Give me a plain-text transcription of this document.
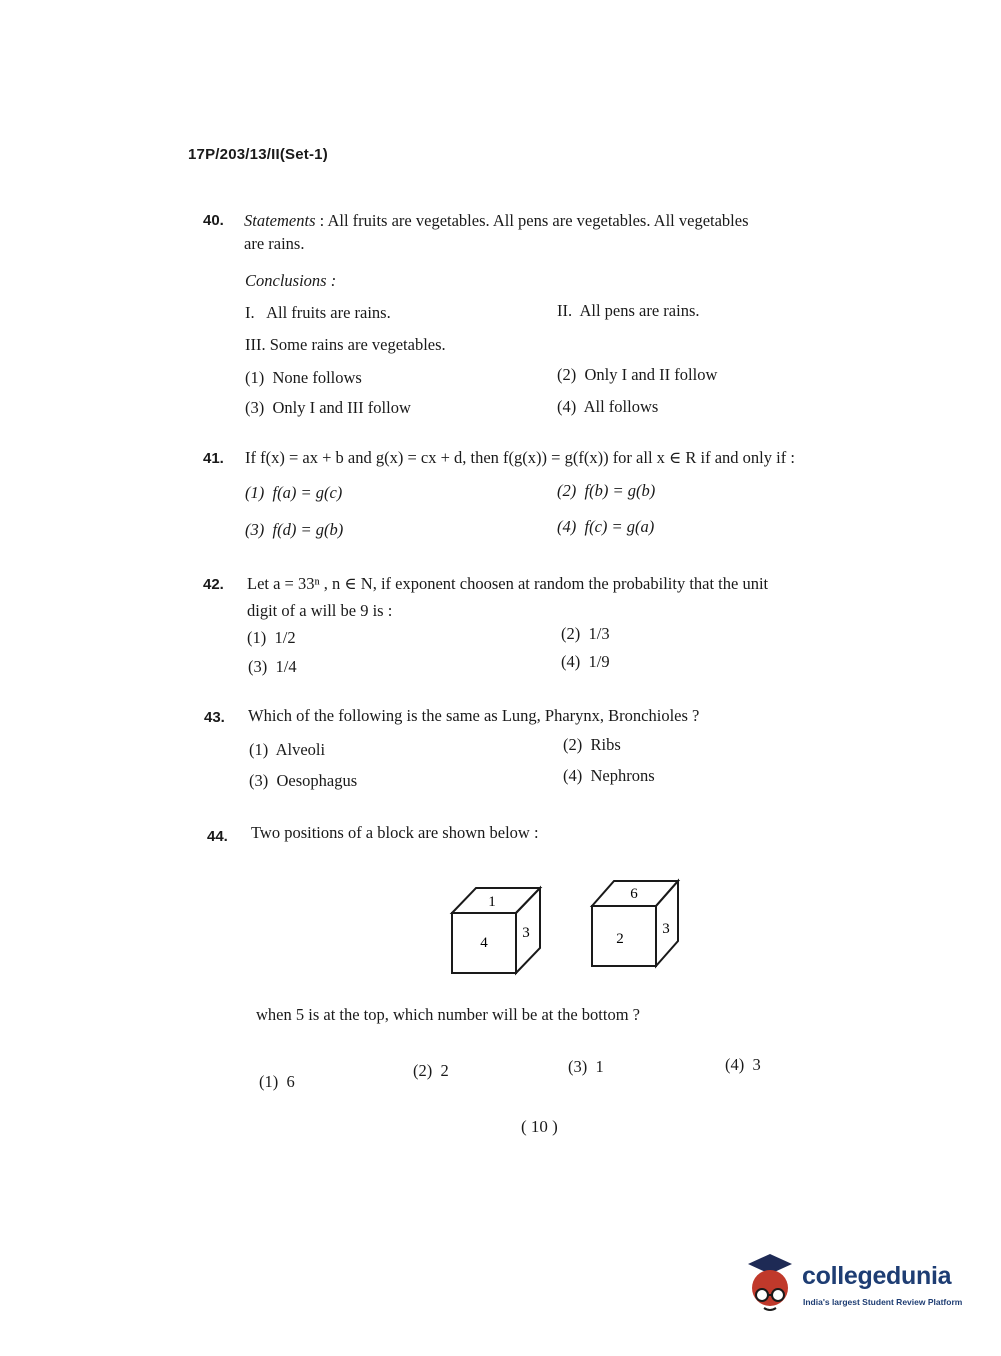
17P/203/13/II(Set-1)
40. Statements : All fruits are vegetables. All pens are vegetables. All vegetables
are rains.
Conclusions :
I.   All fruits are rains.	II.  All pens are rains.
III. Some rains are vegetables.
(1)  None follows	(2)  Only I and II follow
(3)  Only I and III follow	(4)  All follows
41. If f(x) = ax + b and g(x) = cx + d, then f(g(x)) = g(f(x)) for all x ∈ R if and only if :
(1)  f(a) = g(c)	(2)  f(b) = g(b)
(3)  f(d) = g(b)	(4)  f(c) = g(a)
42. Let a = 33ⁿ , n ∈ N, if exponent choosen at random the probability that the unit
digit of a will be 9 is :
(1)  1/2	(2)  1/3
(3)  1/4	(4)  1/9
43. Which of the following is the same as Lung, Pharynx, Bronchioles ?
(1)  Alveoli	(2)  Ribs
(3)  Oesophagus	(4)  Nephrons
44. Two positions of a block are shown below :
1
4
3
6
2
3
when 5 is at the top, which number will be at the bottom ?
(1)  6
(2)  2	(3)  1	(4)  3
( 10 )
collegedunia
India's largest Student Review Platform
